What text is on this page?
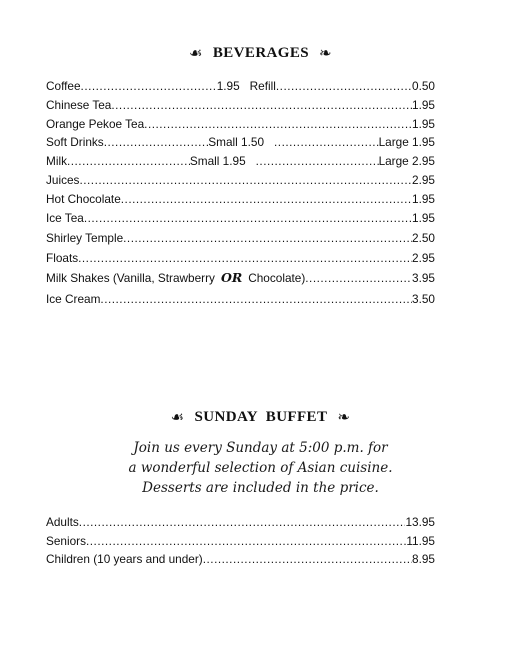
☙ BEVERAGES ❧
Coffee .....	1.95 Refill .....	0.50
Chinese Tea .....	1.95
Orange Pekoe Tea .....	1.95
Soft Drinks .....	Small 1.50 .....	Large 1.95
Milk .....	Small 1.95 .....	Large 2.95
Juices .....	2.95
Hot Chocolate .....	1.95
Ice Tea .....	1.95
Shirley Temple .....	2.50
Floats .....	2.95
Milk Shakes (Vanilla, Strawberry OR Chocolate) .....	3.95
Ice Cream .....	3.50
☙ SUNDAY  BUFFET ❧
Join us every Sunday at 5:00 p.m. for
a wonderful selection of Asian cuisine.
Desserts are included in the price.
Adults .....	13.95
Seniors .....	11.95
Children (10 years and under) .....	8.95
